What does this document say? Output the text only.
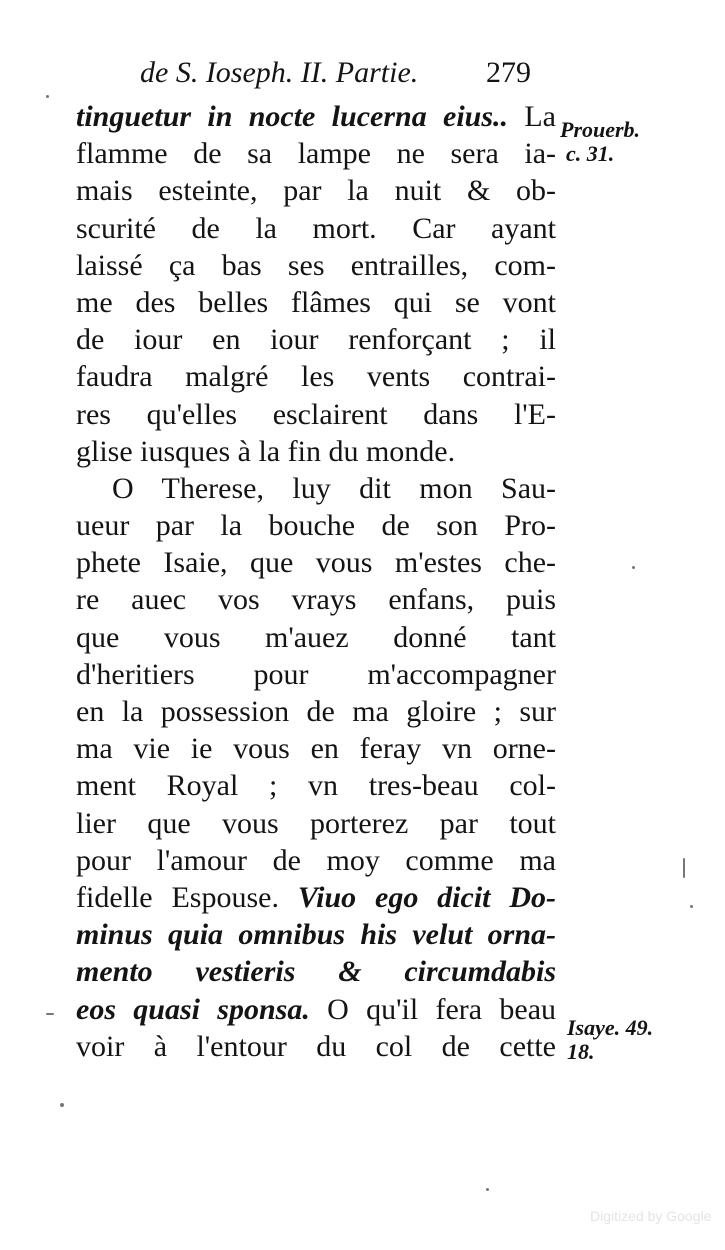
de S. Ioseph. II. Partie. 279
Prouerb.
c. 31.
Isaye. 49.
18.
tinguetur in nocte lucerna eius.. La
flamme de sa lampe ne sera ia-
mais esteinte, par la nuit & ob-
scurité de la mort. Car ayant
laissé ça bas ses entrailles, com-
me des belles flâmes qui se vont
de iour en iour renforçant ; il
faudra malgré les vents contrai-
res qu'elles esclairent dans l'E-
glise iusques à la fin du monde.
O Therese, luy dit mon Sau-
ueur par la bouche de son Pro-
phete Isaie, que vous m'estes che-
re auec vos vrays enfans, puis
que vous m'auez donné tant
d'heritiers pour m'accompagner
en la possession de ma gloire ; sur
ma vie ie vous en feray vn orne-
ment Royal ; vn tres-beau col-
lier que vous porterez par tout
pour l'amour de moy comme ma
fidelle Espouse. Viuo ego dicit Do-
minus quia omnibus his velut orna-
mento vestieris & circumdabis
eos quasi sponsa. O qu'il fera beau
voir à l'entour du col de cette
Digitized by Google
